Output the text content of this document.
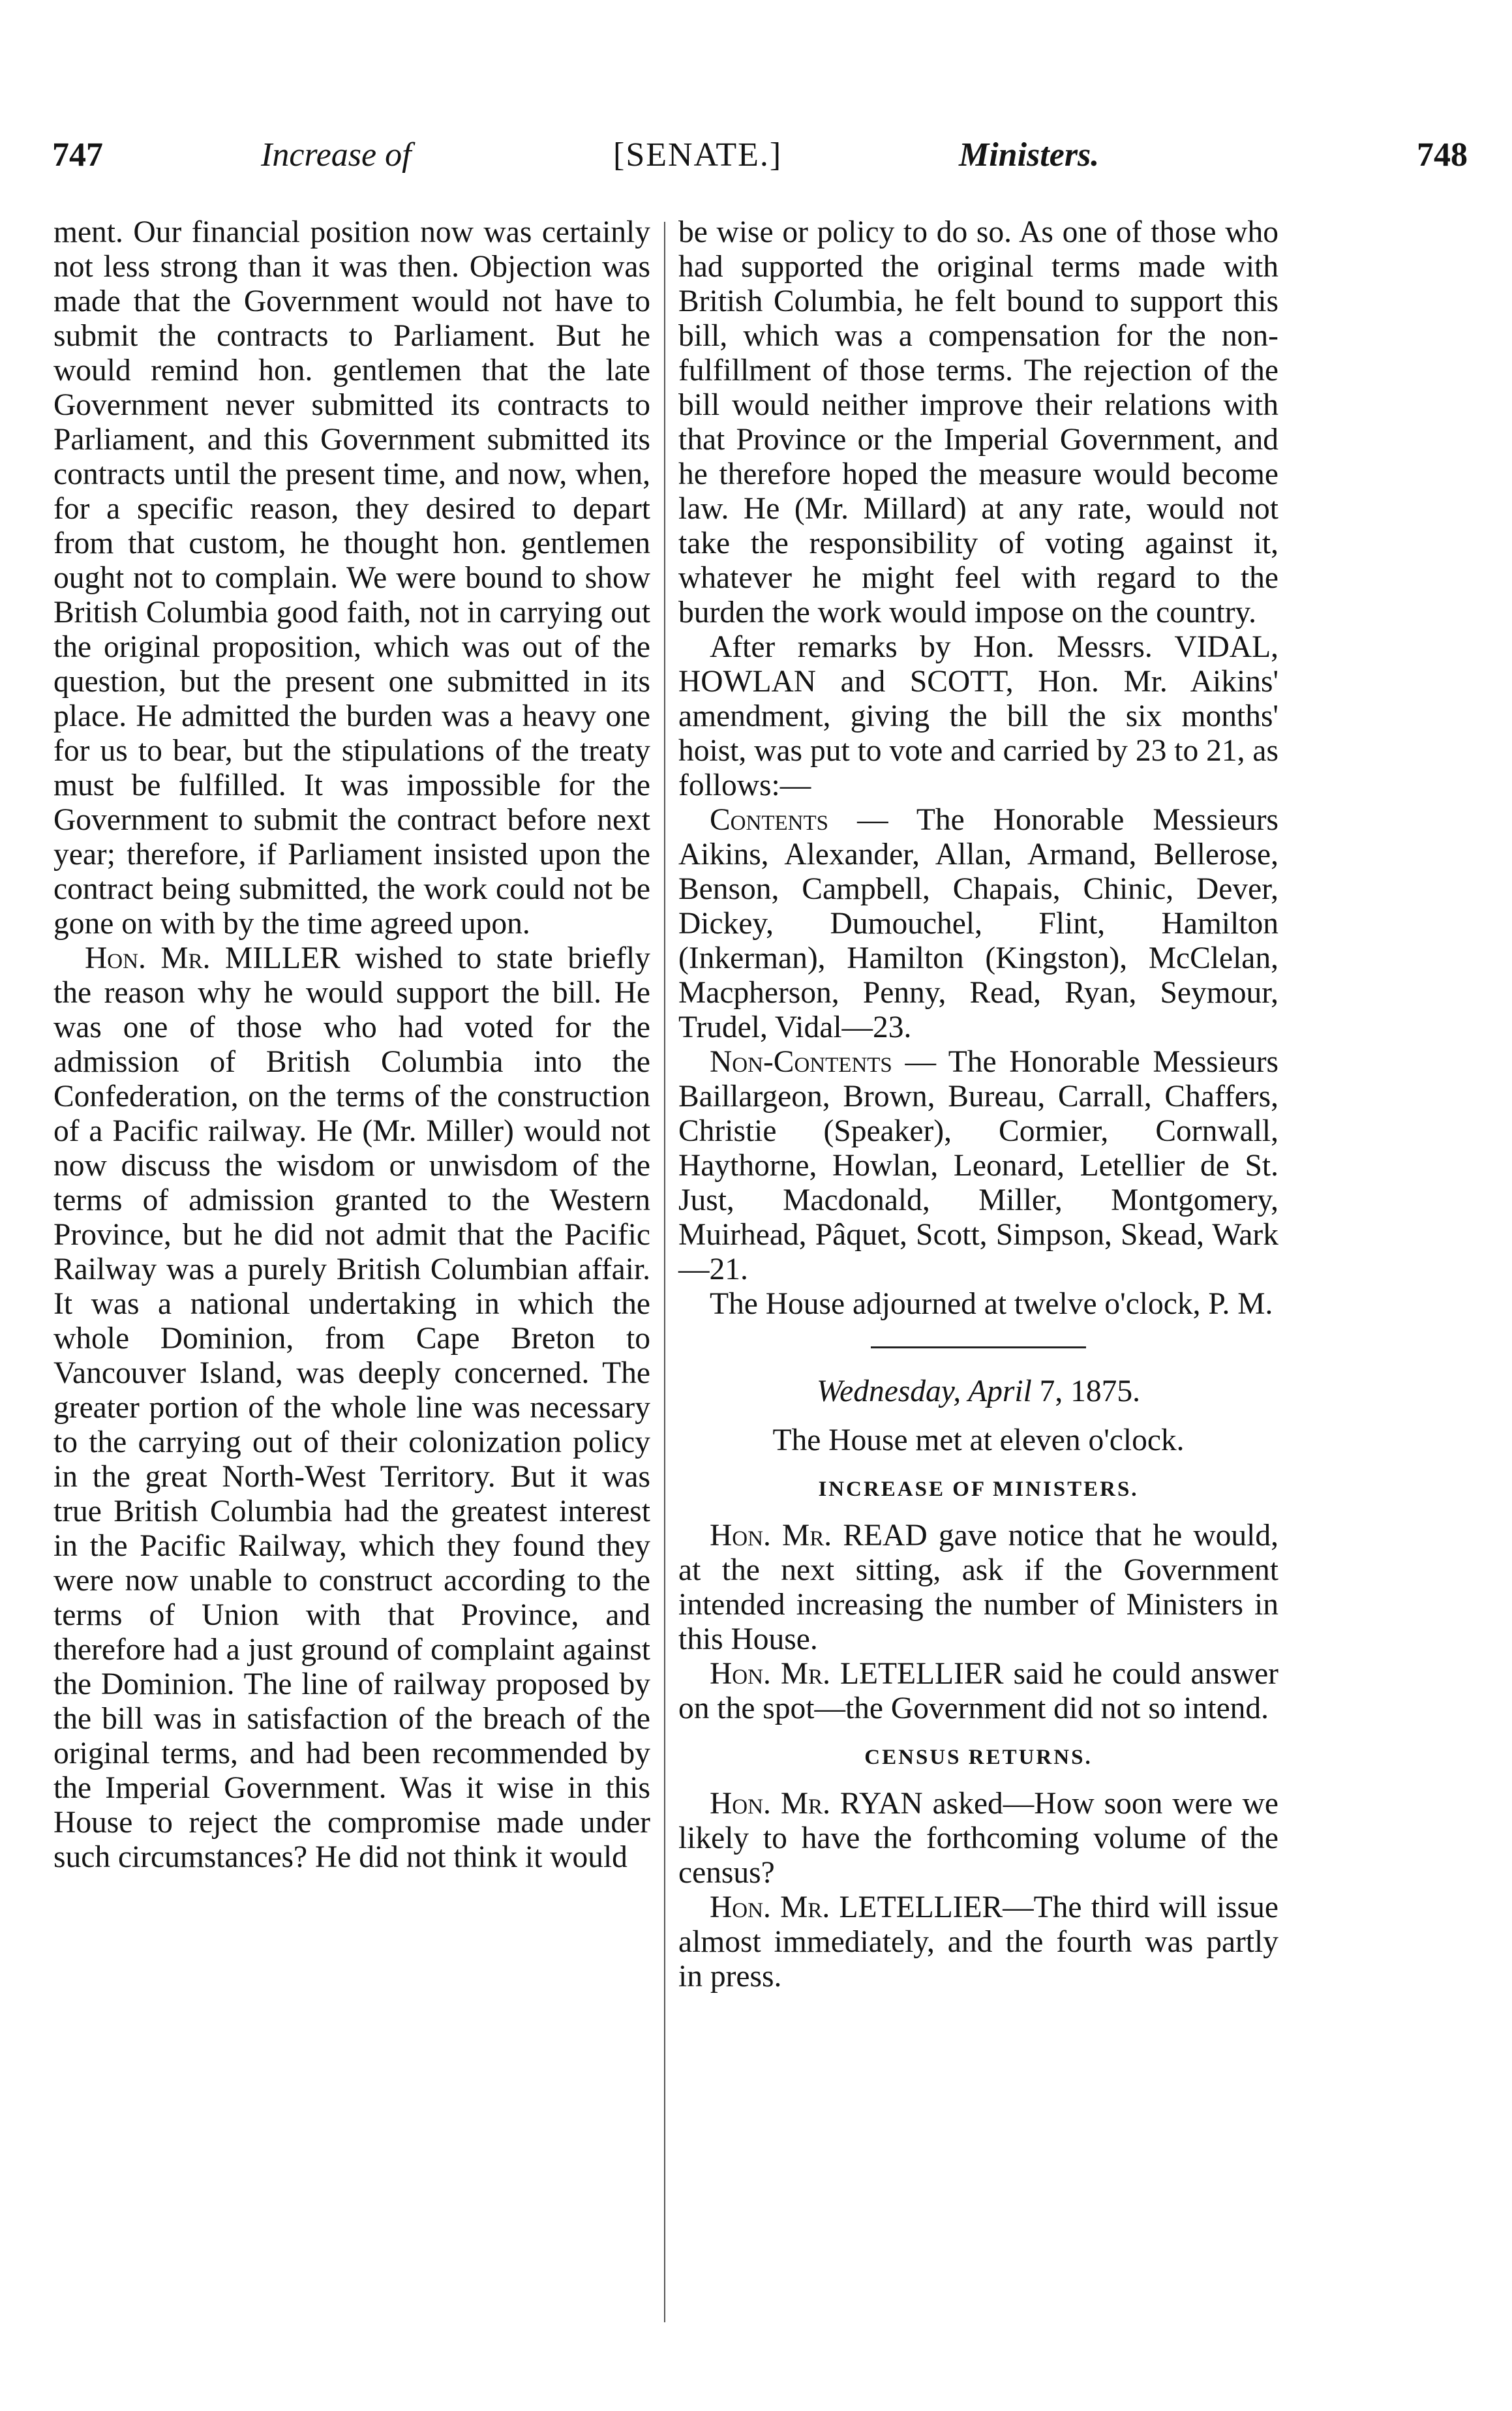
747	Increase of	[SENATE.]	Ministers.	748

ment. Our financial position now was certainly not less strong than it was then. Objection was made that the Government would not have to submit the contracts to Parliament. But he would remind hon. gentlemen that the late Government never submitted its contracts to Parliament, and this Government submitted its contracts until the present time, and now, when, for a specific reason, they desired to depart from that custom, he thought hon. gentlemen ought not to complain. We were bound to show British Columbia good faith, not in carrying out the original proposition, which was out of the question, but the present one submitted in its place. He admitted the burden was a heavy one for us to bear, but the stipulations of the treaty must be fulfilled. It was impossible for the Government to submit the contract before next year; therefore, if Parliament insisted upon the contract being submitted, the work could not be gone on with by the time agreed upon.

Hon. Mr. MILLER wished to state briefly the reason why he would support the bill. He was one of those who had voted for the admission of British Columbia into the Confederation, on the terms of the construction of a Pacific railway. He (Mr. Miller) would not now discuss the wisdom or unwisdom of the terms of admission granted to the Western Province, but he did not admit that the Pacific Railway was a purely British Columbian affair. It was a national undertaking in which the whole Dominion, from Cape Breton to Vancouver Island, was deeply concerned. The greater portion of the whole line was necessary to the carrying out of their colonization policy in the great North-West Territory. But it was true British Columbia had the greatest interest in the Pacific Railway, which they found they were now unable to construct according to the terms of Union with that Province, and therefore had a just ground of complaint against the Dominion. The line of railway proposed by the bill was in satisfaction of the breach of the original terms, and had been recommended by the Imperial Government. Was it wise in this House to reject the compromise made under such circumstances? He did not think it would

be wise or policy to do so. As one of those who had supported the original terms made with British Columbia, he felt bound to support this bill, which was a compensation for the non-fulfillment of those terms. The rejection of the bill would neither improve their relations with that Province or the Imperial Government, and he therefore hoped the measure would become law. He (Mr. Millard) at any rate, would not take the responsibility of voting against it, whatever he might feel with regard to the burden the work would impose on the country.

After remarks by Hon. Messrs. VIDAL, HOWLAN and SCOTT, Hon. Mr. Aikins' amendment, giving the bill the six months' hoist, was put to vote and carried by 23 to 21, as follows:—

Contents — The Honorable Messieurs Aikins, Alexander, Allan, Armand, Bellerose, Benson, Campbell, Chapais, Chinic, Dever, Dickey, Dumouchel, Flint, Hamilton (Inkerman), Hamilton (Kingston), McClelan, Macpherson, Penny, Read, Ryan, Seymour, Trudel, Vidal—23.

Non-Contents — The Honorable Messieurs Baillargeon, Brown, Bureau, Carrall, Chaffers, Christie (Speaker), Cormier, Cornwall, Haythorne, Howlan, Leonard, Letellier de St. Just, Macdonald, Miller, Montgomery, Muirhead, Pâquet, Scott, Simpson, Skead, Wark—21.

The House adjourned at twelve o'clock, P. M.

Wednesday, April 7, 1875.

The House met at eleven o'clock.

INCREASE OF MINISTERS.

Hon. Mr. READ gave notice that he would, at the next sitting, ask if the Government intended increasing the number of Ministers in this House.

Hon. Mr. LETELLIER said he could answer on the spot—the Government did not so intend.

CENSUS RETURNS.

Hon. Mr. RYAN asked—How soon were we likely to have the forthcoming volume of the census?

Hon. Mr. LETELLIER—The third will issue almost immediately, and the fourth was partly in press.
